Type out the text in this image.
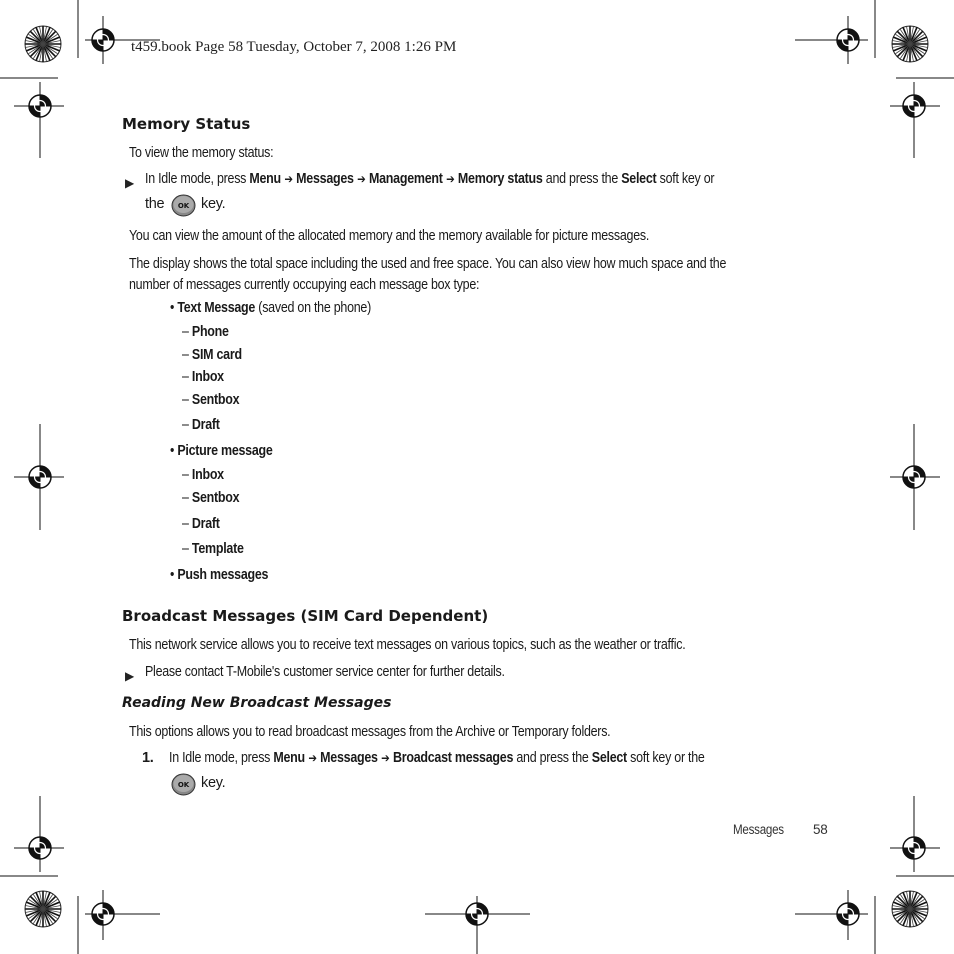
t459.book Page 58 Tuesday, October 7, 2008 1:26 PM
Memory Status
To view the memory status:
▶ In Idle mode, press Menu ➔ Messages ➔ Management ➔ Memory status and press the Select soft key or
the OK key.
You can view the amount of the allocated memory and the memory available for picture messages.
The display shows the total space including the used and free space. You can also view how much space and the
number of messages currently occupying each message box type:
• Text Message (saved on the phone)
– Phone
– SIM card
– Inbox
– Sentbox
– Draft
• Picture message
– Inbox
– Sentbox
– Draft
– Template
• Push messages
Broadcast Messages (SIM Card Dependent)
This network service allows you to receive text messages on various topics, such as the weather or traffic.
▶ Please contact T-Mobile's customer service center for further details.
Reading New Broadcast Messages
This options allows you to read broadcast messages from the Archive or Temporary folders.
1. In Idle mode, press Menu ➔ Messages ➔ Broadcast messages and press the Select soft key or the
OK key.
Messages	58
